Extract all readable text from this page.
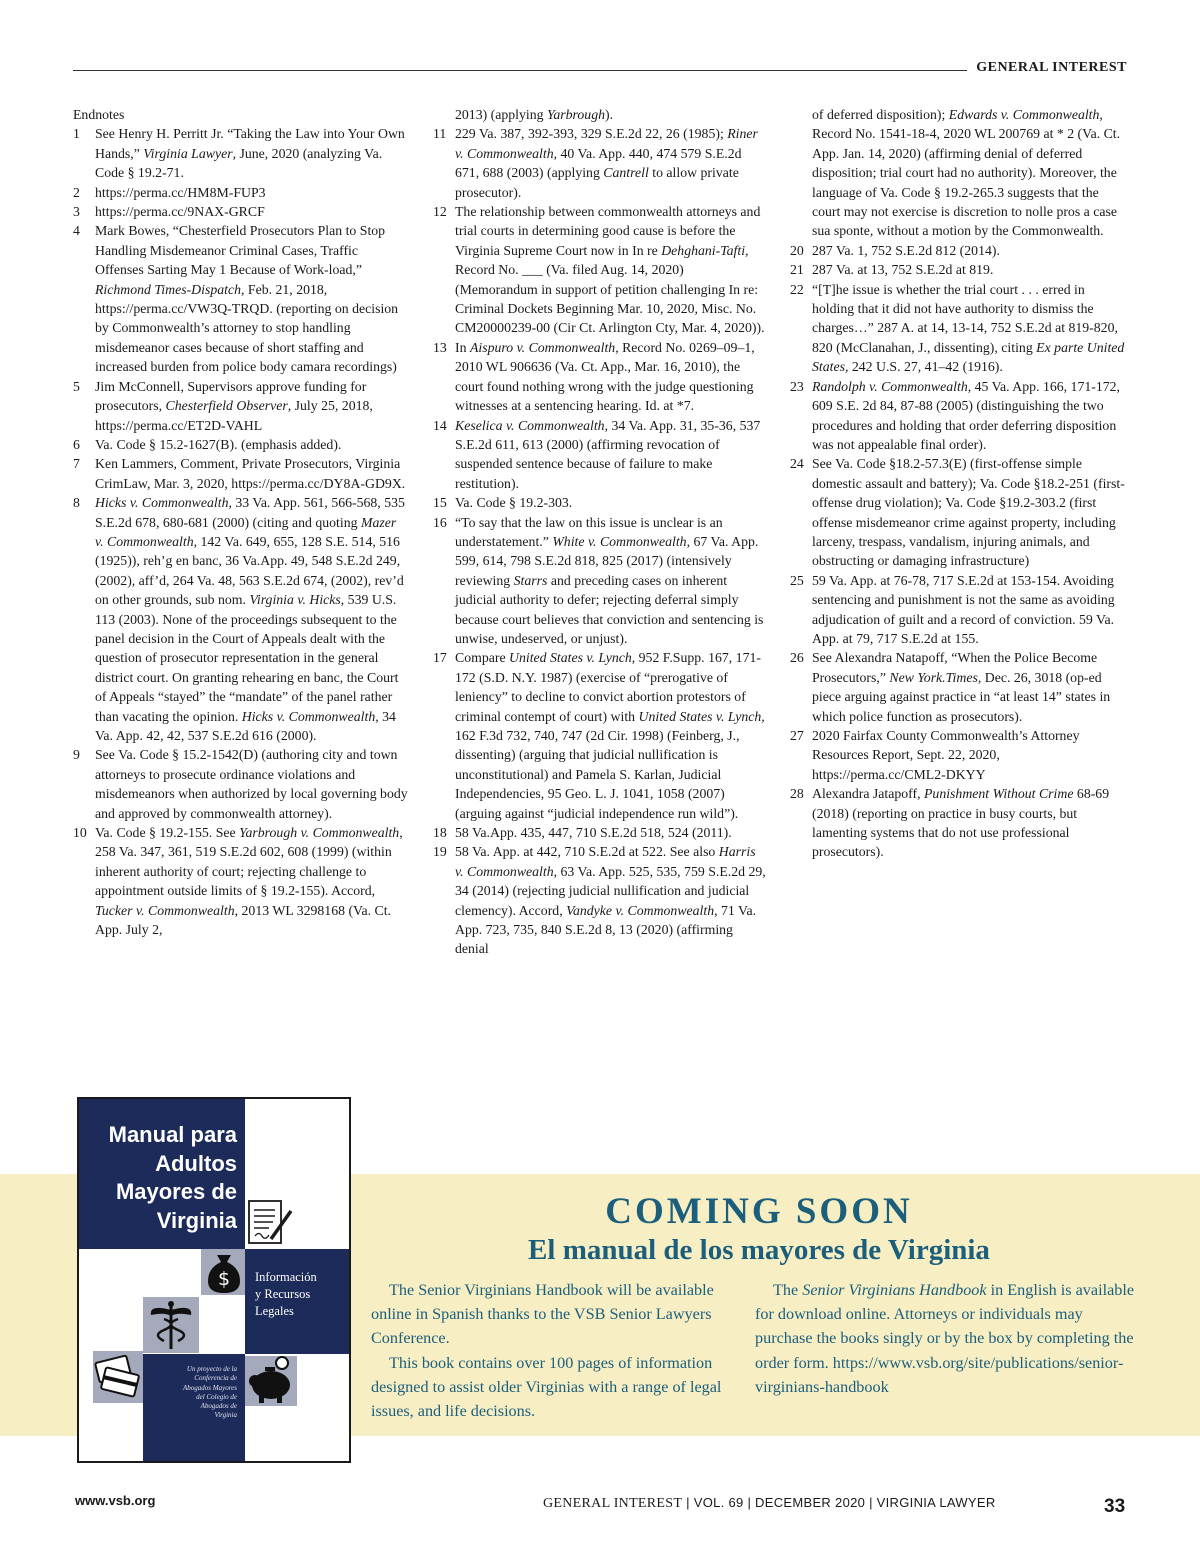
GENERAL INTEREST
Endnotes
1	See Henry H. Perritt Jr. “Taking the Law into Your Own Hands,” Virginia Lawyer, June, 2020 (analyzing Va. Code § 19.2-71.
2	https://perma.cc/HM8M-FUP3
3	https://perma.cc/9NAX-GRCF
4	Mark Bowes, “Chesterfield Prosecutors Plan to Stop Handling Misdemeanor Criminal Cases, Traffic Offenses Sarting May 1 Because of Work-load,” Richmond Times-Dispatch, Feb. 21, 2018, https://perma.cc/VW3Q-TRQD. (reporting on decision by Commonwealth’s attorney to stop handling misdemeanor cases because of short staffing and increased burden from police body camara recordings)
5	Jim McConnell, Supervisors approve funding for prosecutors, Chesterfield Observer, July 25, 2018, https://perma.cc/ET2D-VAHL
6	Va. Code § 15.2-1627(B). (emphasis added).
7	Ken Lammers, Comment, Private Prosecutors, Virginia CrimLaw, Mar. 3, 2020, https://perma.cc/DY8A-GD9X.
8	Hicks v. Commonwealth, 33 Va. App. 561, 566-568, 535 S.E.2d 678, 680-681 (2000) (citing and quoting Mazer v. Commonwealth, 142 Va. 649, 655, 128 S.E. 514, 516 (1925)), reh’g en banc, 36 Va.App. 49, 548 S.E.2d 249, (2002), aff’d, 264 Va. 48, 563 S.E.2d 674, (2002), rev’d on other grounds, sub nom. Virginia v. Hicks, 539 U.S. 113 (2003). None of the proceedings subsequent to the panel decision in the Court of Appeals dealt with the question of prosecutor representation in the general district court. On granting rehearing en banc, the Court of Appeals “stayed” the “mandate” of the panel rather than vacating the opinion. Hicks v. Commonwealth, 34 Va. App. 42, 42, 537 S.E.2d 616 (2000).
9	See Va. Code § 15.2-1542(D) (authoring city and town attorneys to prosecute ordinance violations and misdemeanors when authorized by local governing body and approved by commonwealth attorney).
10 Va. Code § 19.2-155. See Yarbrough v. Commonwealth, 258 Va. 347, 361, 519 S.E.2d 602, 608 (1999) (within inherent authority of court; rejecting challenge to appointment outside limits of § 19.2-155). Accord, Tucker v. Commonwealth, 2013 WL 3298168 (Va. Ct. App. July 2,
2013) (applying Yarbrough).
11 229 Va. 387, 392-393, 329 S.E.2d 22, 26 (1985); Riner v. Commonwealth, 40 Va. App. 440, 474 579 S.E.2d 671, 688 (2003) (applying Cantrell to allow private prosecutor).
12 The relationship between commonwealth attorneys and trial courts in determining good cause is before the Virginia Supreme Court now in In re Dehghani-Tafti, Record No. ___ (Va. filed Aug. 14, 2020) (Memorandum in support of petition challenging In re: Criminal Dockets Beginning Mar. 10, 2020, Misc. No. CM20000239-00 (Cir Ct. Arlington Cty, Mar. 4, 2020)).
13 In Aispuro v. Commonwealth, Record No. 0269–09–1, 2010 WL 906636 (Va. Ct. App., Mar. 16, 2010), the court found nothing wrong with the judge questioning witnesses at a sentencing hearing. Id. at *7.
14 Keselica v. Commonwealth, 34 Va. App. 31, 35-36, 537 S.E.2d 611, 613 (2000) (affirming revocation of suspended sentence because of failure to make restitution).
15 Va. Code § 19.2-303.
16 “To say that the law on this issue is unclear is an understatement.” White v. Commonwealth, 67 Va. App. 599, 614, 798 S.E.2d 818, 825 (2017) (intensively reviewing Starrs and preceding cases on inherent judicial authority to defer; rejecting deferral simply because court believes that conviction and sentencing is unwise, undeserved, or unjust).
17 Compare United States v. Lynch, 952 F.Supp. 167, 171-172 (S.D. N.Y. 1987) (exercise of “prerogative of leniency” to decline to convict abortion protestors of criminal contempt of court) with United States v. Lynch, 162 F.3d 732, 740, 747 (2d Cir. 1998) (Feinberg, J., dissenting) (arguing that judicial nullification is unconstitutional) and Pamela S. Karlan, Judicial Independencies, 95 Geo. L. J. 1041, 1058 (2007) (arguing against “judicial independence run wild”).
18 58 Va.App. 435, 447, 710 S.E.2d 518, 524 (2011).
19 58 Va. App. at 442, 710 S.E.2d at 522. See also Harris v. Commonwealth, 63 Va. App. 525, 535, 759 S.E.2d 29, 34 (2014) (rejecting judicial nullification and judicial clemency). Accord, Vandyke v. Commonwealth, 71 Va. App. 723, 735, 840 S.E.2d 8, 13 (2020) (affirming denial
of deferred disposition); Edwards v. Commonwealth, Record No. 1541-18-4, 2020 WL 200769 at * 2 (Va. Ct. App. Jan. 14, 2020) (affirming denial of deferred disposition; trial court had no authority). Moreover, the language of Va. Code § 19.2-265.3 suggests that the court may not exercise is discretion to nolle pros a case sua sponte, without a motion by the Commonwealth.
20 287 Va. 1, 752 S.E.2d 812 (2014).
21 287 Va. at 13, 752 S.E.2d at 819.
22 “[T]he issue is whether the trial court . . . erred in holding that it did not have authority to dismiss the charges…” 287 A. at 14, 13-14, 752 S.E.2d at 819-820, 820 (McClanahan, J., dissenting), citing Ex parte United States, 242 U.S. 27, 41–42 (1916).
23 Randolph v. Commonwealth, 45 Va. App. 166, 171-172, 609 S.E. 2d 84, 87-88 (2005) (distinguishing the two procedures and holding that order deferring disposition was not appealable final order).
24 See Va. Code §18.2-57.3(E) (first-offense simple domestic assault and battery); Va. Code §18.2-251 (first-offense drug violation); Va. Code §19.2-303.2 (first offense misdemeanor crime against property, including larceny, trespass, vandalism, injuring animals, and obstructing or damaging infrastructure)
25 59 Va. App. at 76-78, 717 S.E.2d at 153-154. Avoiding sentencing and punishment is not the same as avoiding adjudication of guilt and a record of conviction. 59 Va. App. at 79, 717 S.E.2d at 155.
26 See Alexandra Natapoff, “When the Police Become Prosecutors,” New York.Times, Dec. 26, 3018 (op-ed piece arguing against practice in “at least 14” states in which police function as prosecutors).
27 2020 Fairfax County Commonwealth’s Attorney Resources Report, Sept. 22, 2020, https://perma.cc/CML2-DKYY
28 Alexandra Jatapoff, Punishment Without Crime 68-69 (2018) (reporting on practice in busy courts, but lamenting systems that do not use professional prosecutors).
Manual para
Adultos
Mayores de
Virginia
$ Información
y Recursos
Legales
Un proyecto de la
Conferencia de
Abogados Mayores
del Colegio de
Abogados de
Virginia
COMING SOON
El manual de los mayores de Virginia

The Senior Virginians Handbook will be available online in Spanish thanks to the VSB Senior Lawyers Conference.

This book contains over 100 pages of information designed to assist older Virginias with a range of legal issues, and life decisions.

The Senior Virginians Handbook in English is available for download online. Attorneys or individuals may purchase the books singly or by the box by completing the order form. https://www.vsb.org/site/publications/senior-virginians-handbook

www.vsb.org	GENERAL INTEREST | VOL. 69 | DECEMBER 2020 | VIRGINIA LAWYER	33
